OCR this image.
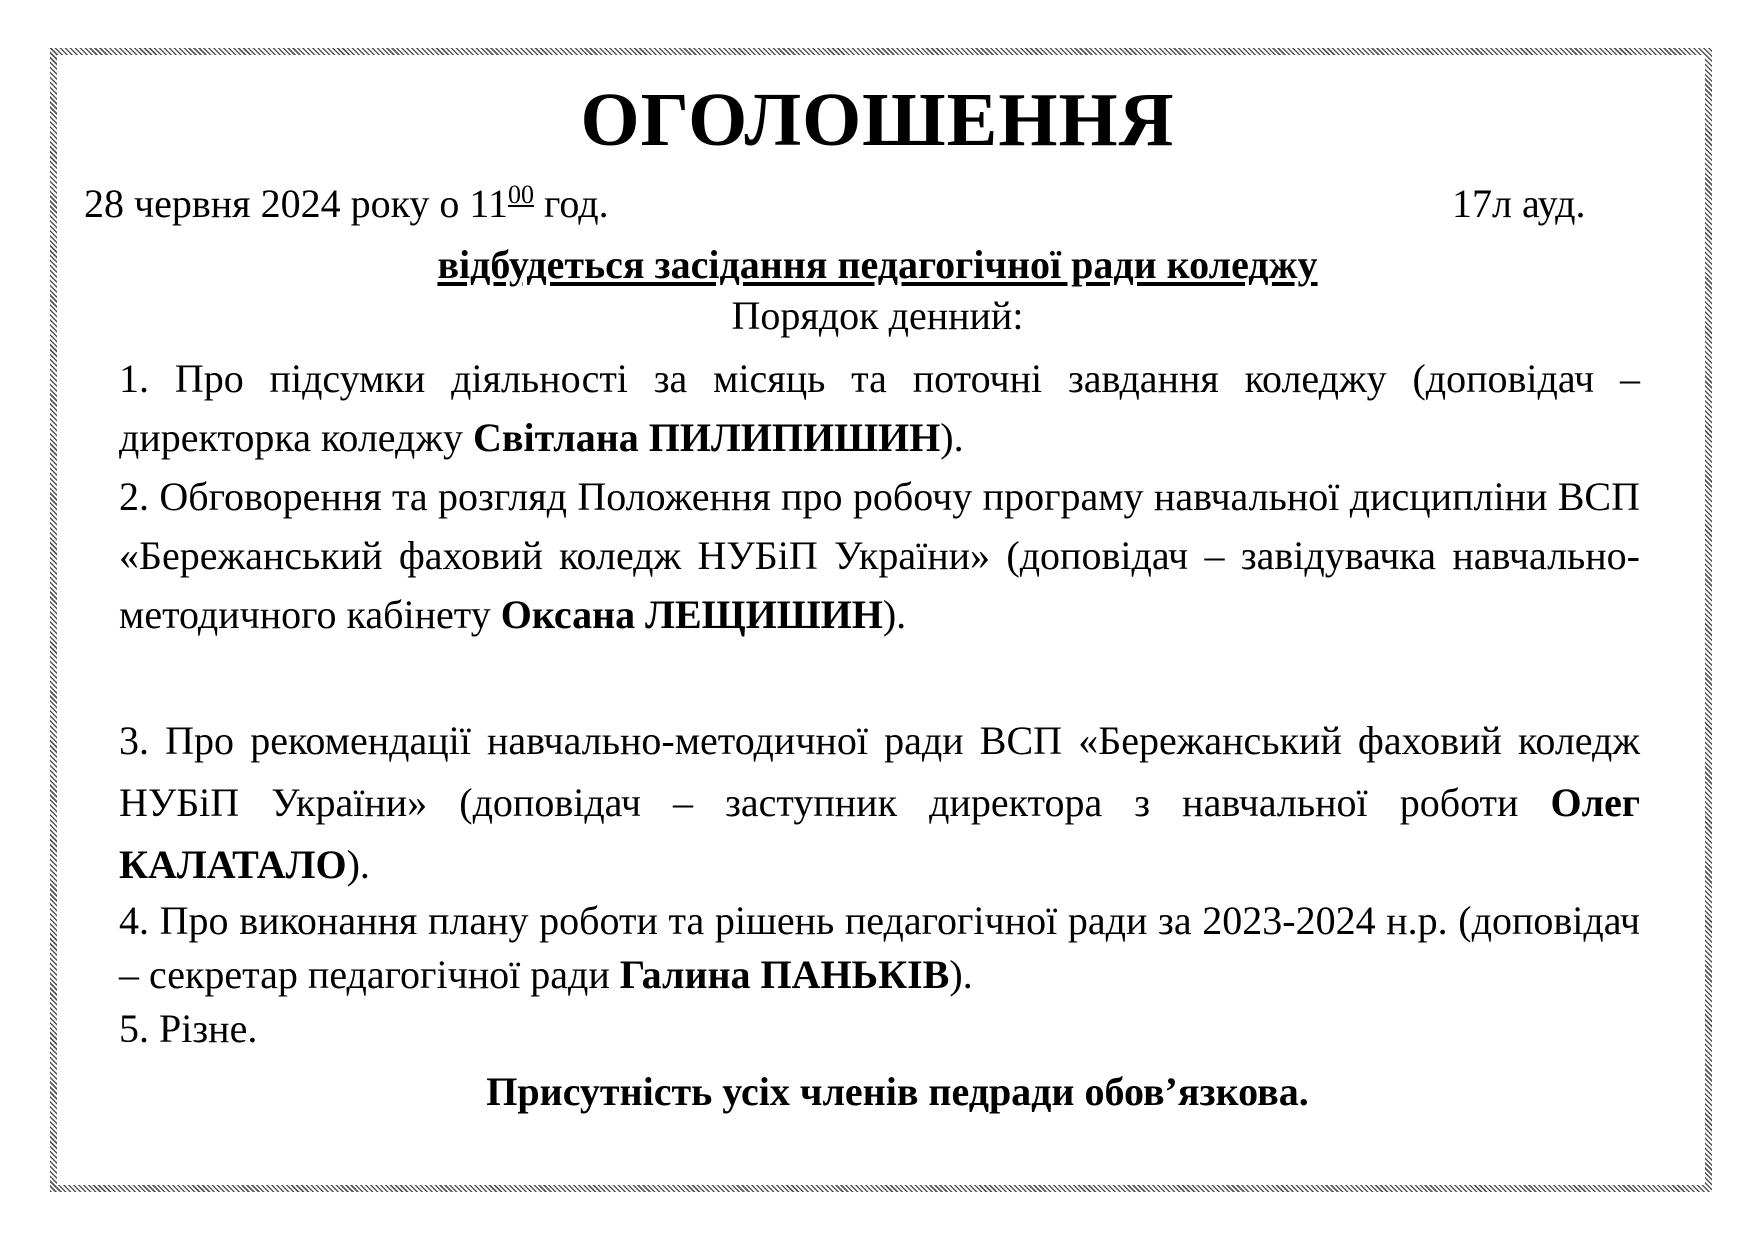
ОГОЛОШЕННЯ
28 червня 2024 року о $11^{00}$ год.	17л ауд.
відбудеться засідання педагогічної ради коледжу
Порядок денний:
1. Про підсумки діяльності за місяць та поточні завдання коледжу (доповідач – директорка коледжу Світлана ПИЛИПИШИН).
2. Обговорення та розгляд Положення про робочу програму навчальної дисципліни ВСП «Бережанський фаховий коледж НУБіП України» (доповідач – завідувачка навчально-методичного кабінету Оксана ЛЕЩИШИН).
3. Про рекомендації навчально-методичної ради ВСП «Бережанський фаховий коледж НУБіП України» (доповідач – заступник директора з навчальної роботи Олег КАЛАТАЛО).
4. Про виконання плану роботи та рішень педагогічної ради за 2023-2024 н.р. (доповідач – секретар педагогічної ради Галина ПАНЬКІВ).
5. Різне.
Присутність усіх членів педради обов’язкова.
